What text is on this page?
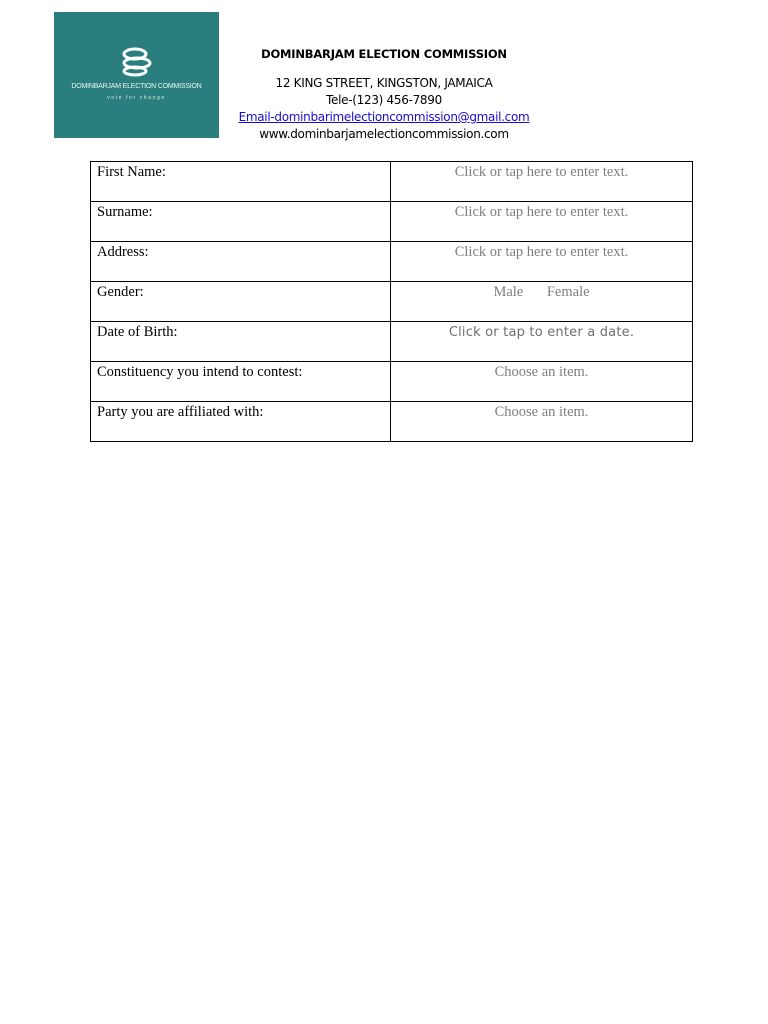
DOMINBARJAM ELECTION COMMISSION
vote for change

DOMINBARJAM ELECTION COMMISSION

12 KING STREET, KINGSTON, JAMAICA

Tele-(123) 456-7890

Email-dominbarimelectioncommission@gmail.com

www.dominbarjamelectioncommission.com

First Name:	Click or tap here to enter text.
Surname:	Click or tap here to enter text.
Address:	Click or tap here to enter text.
Gender:	Male Female
Date of Birth:	Click or tap to enter a date.
Constituency you intend to contest:	Choose an item.
Party you are affiliated with:	Choose an item.
